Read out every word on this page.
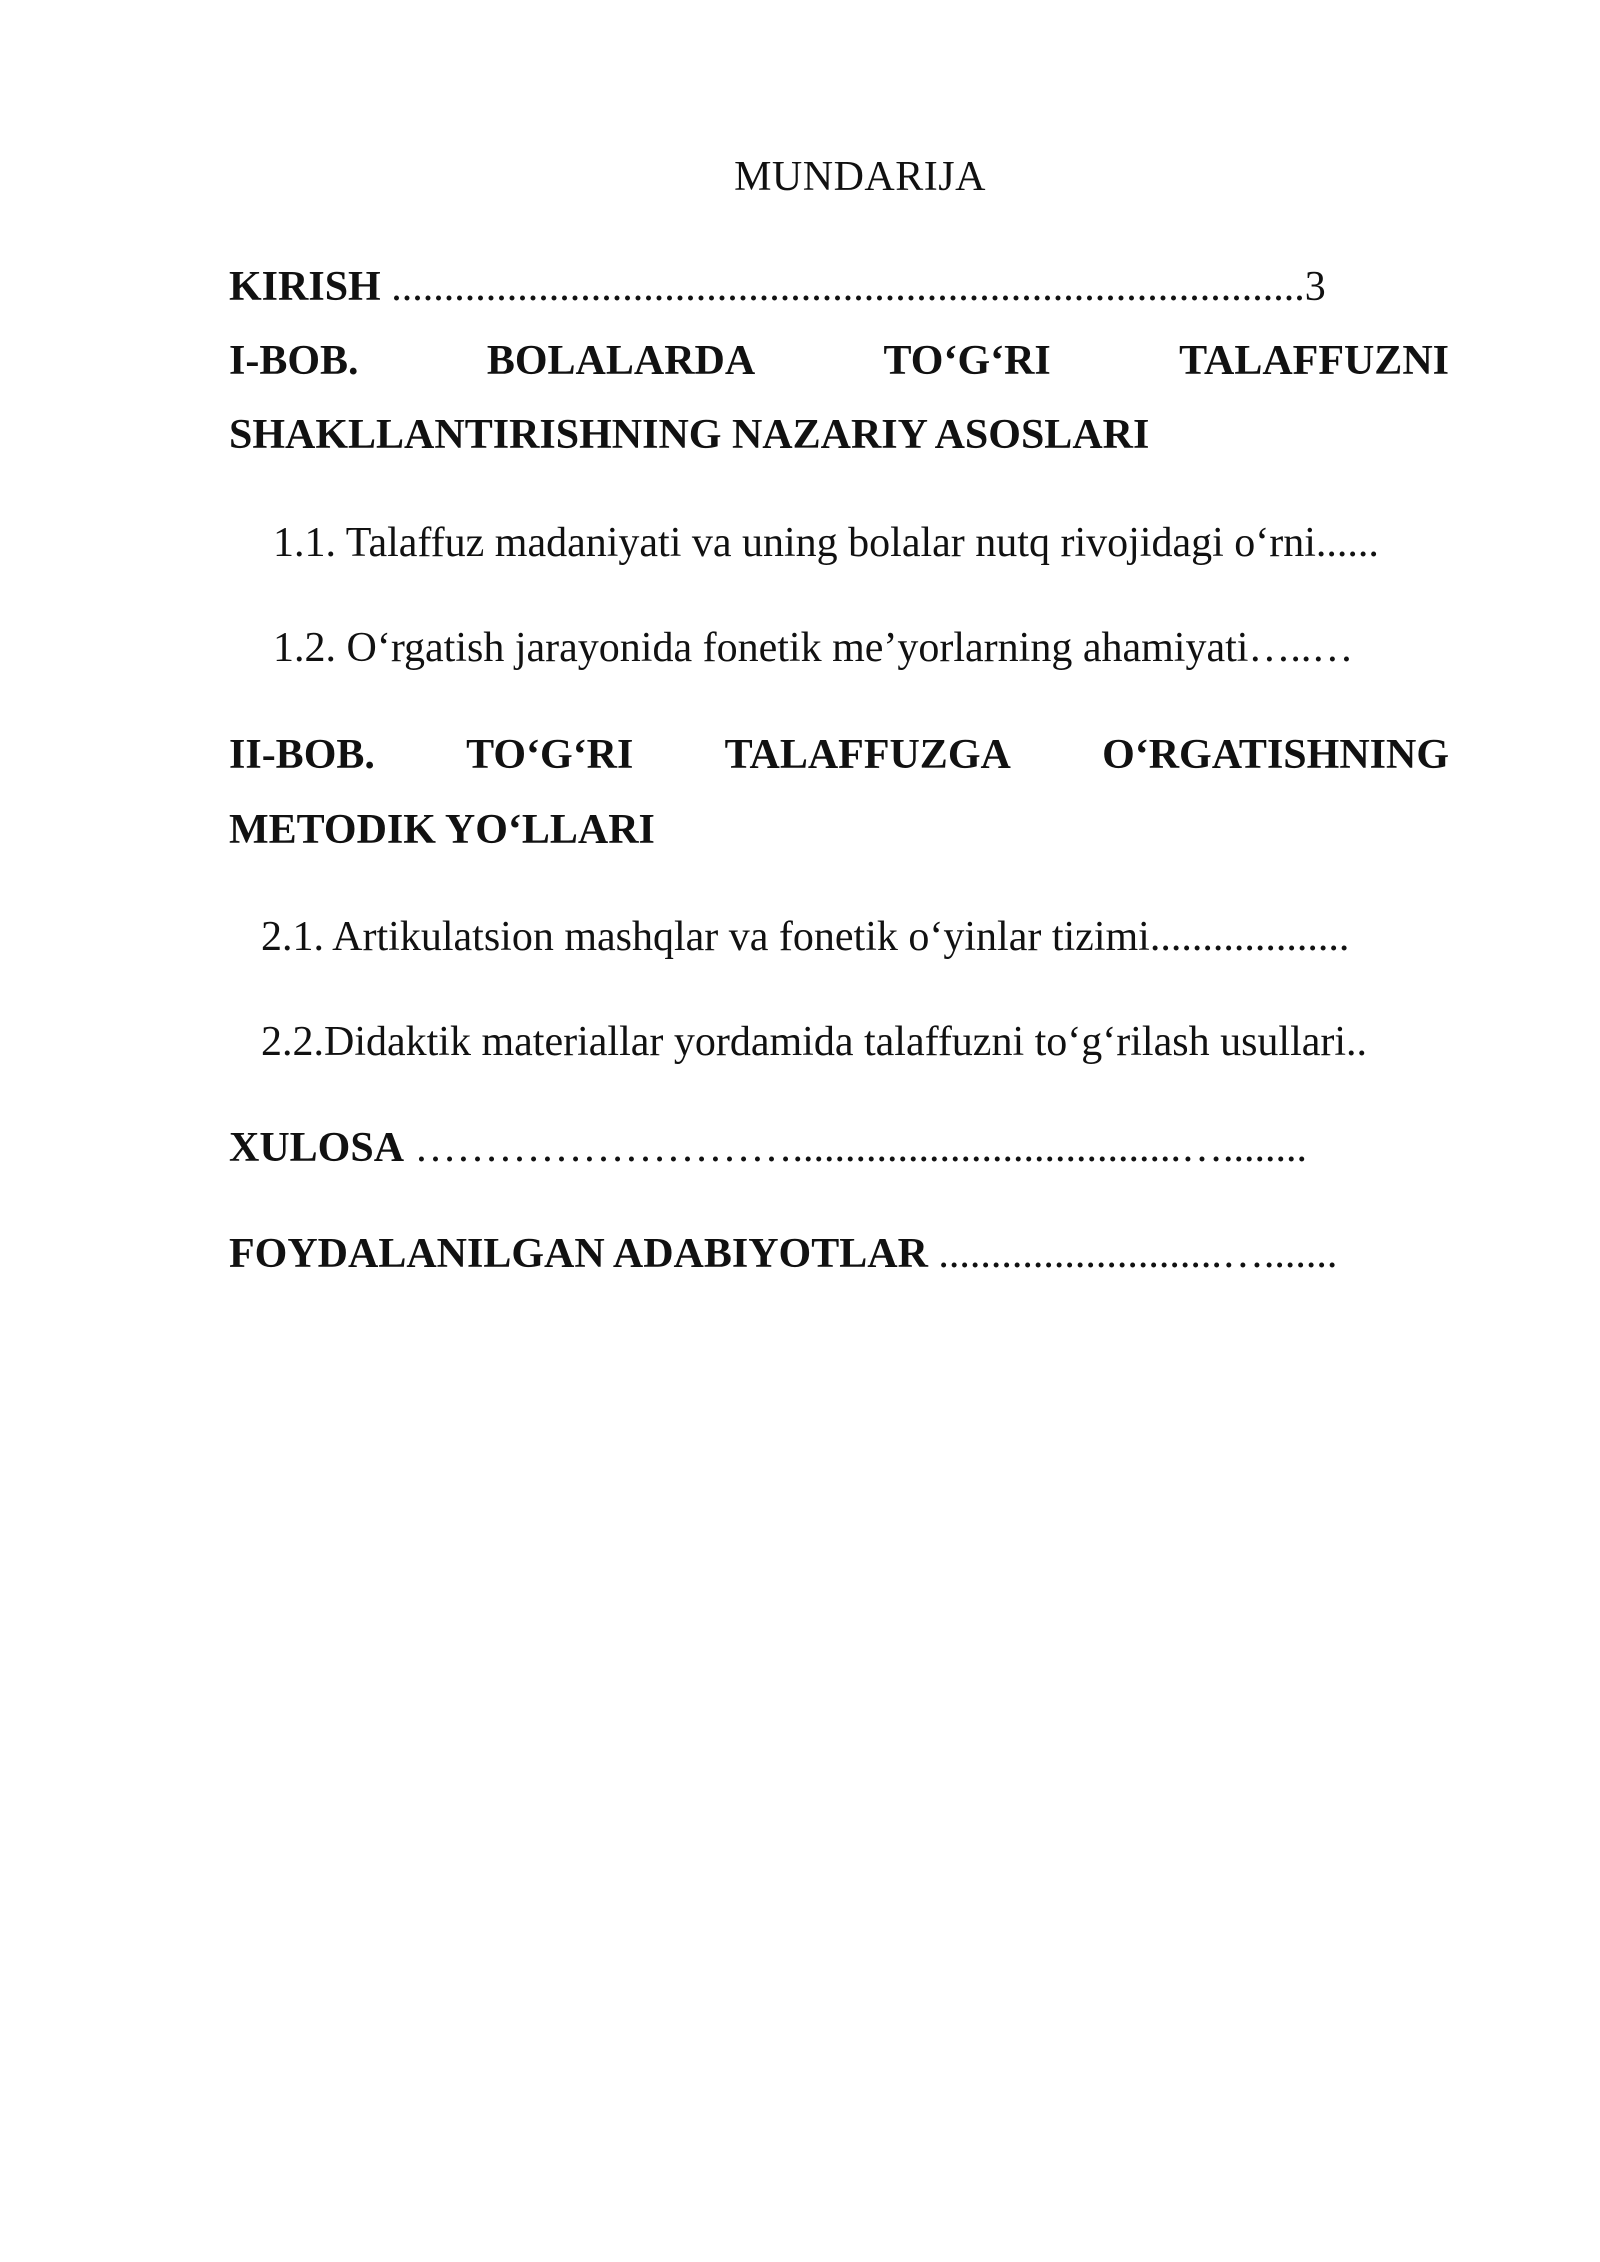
MUNDARIJA
KIRISH .......................................................................................3
I-BOB.	BOLALARDA	TO‘G‘RI	TALAFFUZNI
SHAKLLANTIRISHNING NAZARIY ASOSLARI
1.1. Talaffuz madaniyati va uning bolalar nutq rivojidagi o‘rni......
1.2. O‘rgatish jarayonida fonetik me’yorlarning ahamiyati…..…
II-BOB. TO‘G‘RI TALAFFUZGA O‘RGATISHNING
METODIK YO‘LLARI
2.1. Artikulatsion mashqlar va fonetik o‘yinlar tizimi...................
2.2.Didaktik materiallar yordamida talaffuzni to‘g‘rilash usullari..
XULOSA ……………………….....................................…........
FOYDALANILGAN ADABIYOTLAR ...........................….......
